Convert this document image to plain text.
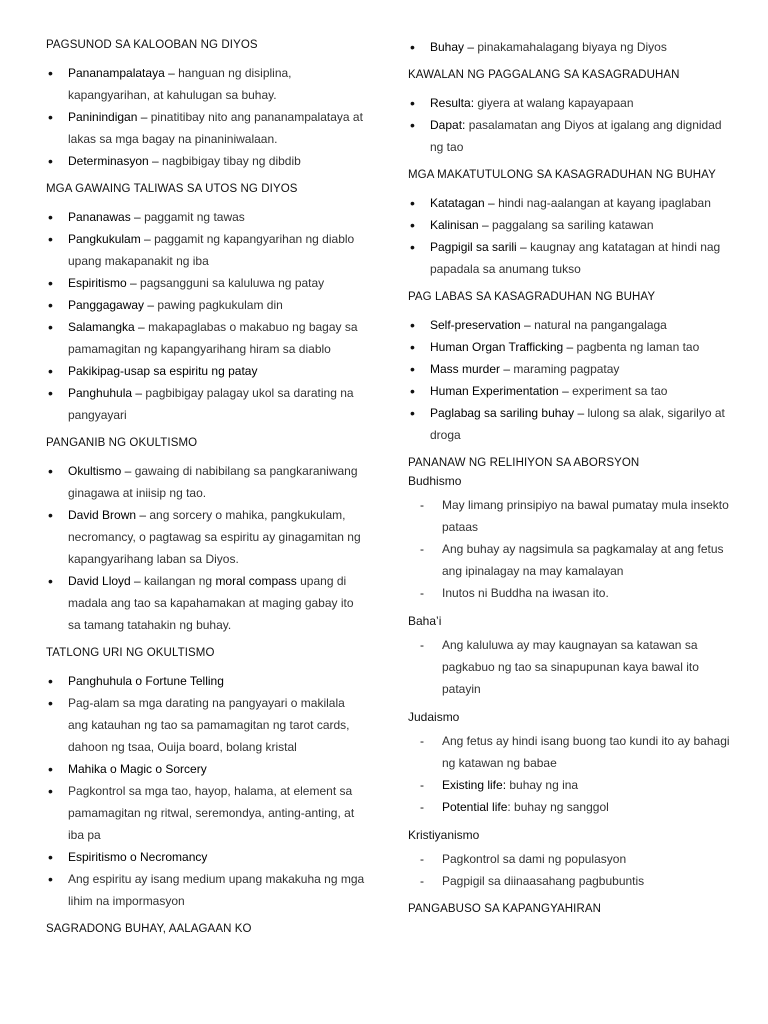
PAGSUNOD SA KALOOBAN NG DIYOS
• Pananampalataya – hanguan ng disiplina, kapangyarihan, at kahulugan sa buhay.
• Paninindigan – pinatitibay nito ang pananampalataya at lakas sa mga bagay na pinaniniwalaan.
• Determinasyon – nagbibigay tibay ng dibdib
MGA GAWAING TALIWAS SA UTOS NG DIYOS
• Pananawas – paggamit ng tawas
• Pangkukulam – paggamit ng kapangyarihan ng diablo upang makapanakit ng iba
• Espiritismo – pagsangguni sa kaluluwa ng patay
• Panggagaway – pawing pagkukulam din
• Salamangka – makapaglabas o makabuo ng bagay sa pamamagitan ng kapangyarihang hiram sa diablo
• Pakikipag-usap sa espiritu ng patay
• Panghuhula – pagbibigay palagay ukol sa darating na pangyayari
PANGANIB NG OKULTISMO
• Okultismo – gawaing di nabibilang sa pangkaraniwang ginagawa at iniisip ng tao.
• David Brown – ang sorcery o mahika, pangkukulam, necromancy, o pagtawag sa espiritu ay ginagamitan ng kapangyarihang laban sa Diyos.
• David Lloyd – kailangan ng moral compass upang di madala ang tao sa kapahamakan at maging gabay ito sa tamang tatahakin ng buhay.
TATLONG URI NG OKULTISMO
• Panghuhula o Fortune Telling
• Pag-alam sa mga darating na pangyayari o makilala ang katauhan ng tao sa pamamagitan ng tarot cards, dahoon ng tsaa, Ouija board, bolang kristal
• Mahika o Magic o Sorcery
• Pagkontrol sa mga tao, hayop, halama, at element sa pamamagitan ng ritwal, seremondya, anting-anting, at iba pa
• Espiritismo o Necromancy
• Ang espiritu ay isang medium upang makakuha ng mga lihim na impormasyon
SAGRADONG BUHAY, AALAGAAN KO
• Buhay – pinakamahalagang biyaya ng Diyos
KAWALAN NG PAGGALANG SA KASAGRADUHAN
• Resulta: giyera at walang kapayapaan
• Dapat: pasalamatan ang Diyos at igalang ang dignidad ng tao
MGA MAKATUTULONG SA KASAGRADUHAN NG BUHAY
• Katatagan – hindi nag-aalangan at kayang ipaglaban
• Kalinisan – paggalang sa sariling katawan
• Pagpigil sa sarili – kaugnay ang katatagan at hindi nag papadala sa anumang tukso
PAG LABAS SA KASAGRADUHAN NG BUHAY
• Self-preservation – natural na pangangalaga
• Human Organ Trafficking – pagbenta ng laman tao
• Mass murder – maraming pagpatay
• Human Experimentation – experiment sa tao
• Paglabag sa sariling buhay – lulong sa alak, sigarilyo at droga
PANANAW NG RELIHIYON SA ABORSYON
Budhismo
- May limang prinsipiyo na bawal pumatay mula insekto pataas
- Ang buhay ay nagsimula sa pagkamalay at ang fetus ang ipinalagay na may kamalayan
- Inutos ni Buddha na iwasan ito.
Baha’i
- Ang kaluluwa ay may kaugnayan sa katawan sa pagkabuo ng tao sa sinapupunan kaya bawal ito patayin
Judaismo
- Ang fetus ay hindi isang buong tao kundi ito ay bahagi ng katawan ng babae
- Existing life: buhay ng ina
- Potential life: buhay ng sanggol
Kristiyanismo
- Pagkontrol sa dami ng populasyon
- Pagpigil sa diinaasahang pagbubuntis
PANGABUSO SA KAPANGYAHIRAN
